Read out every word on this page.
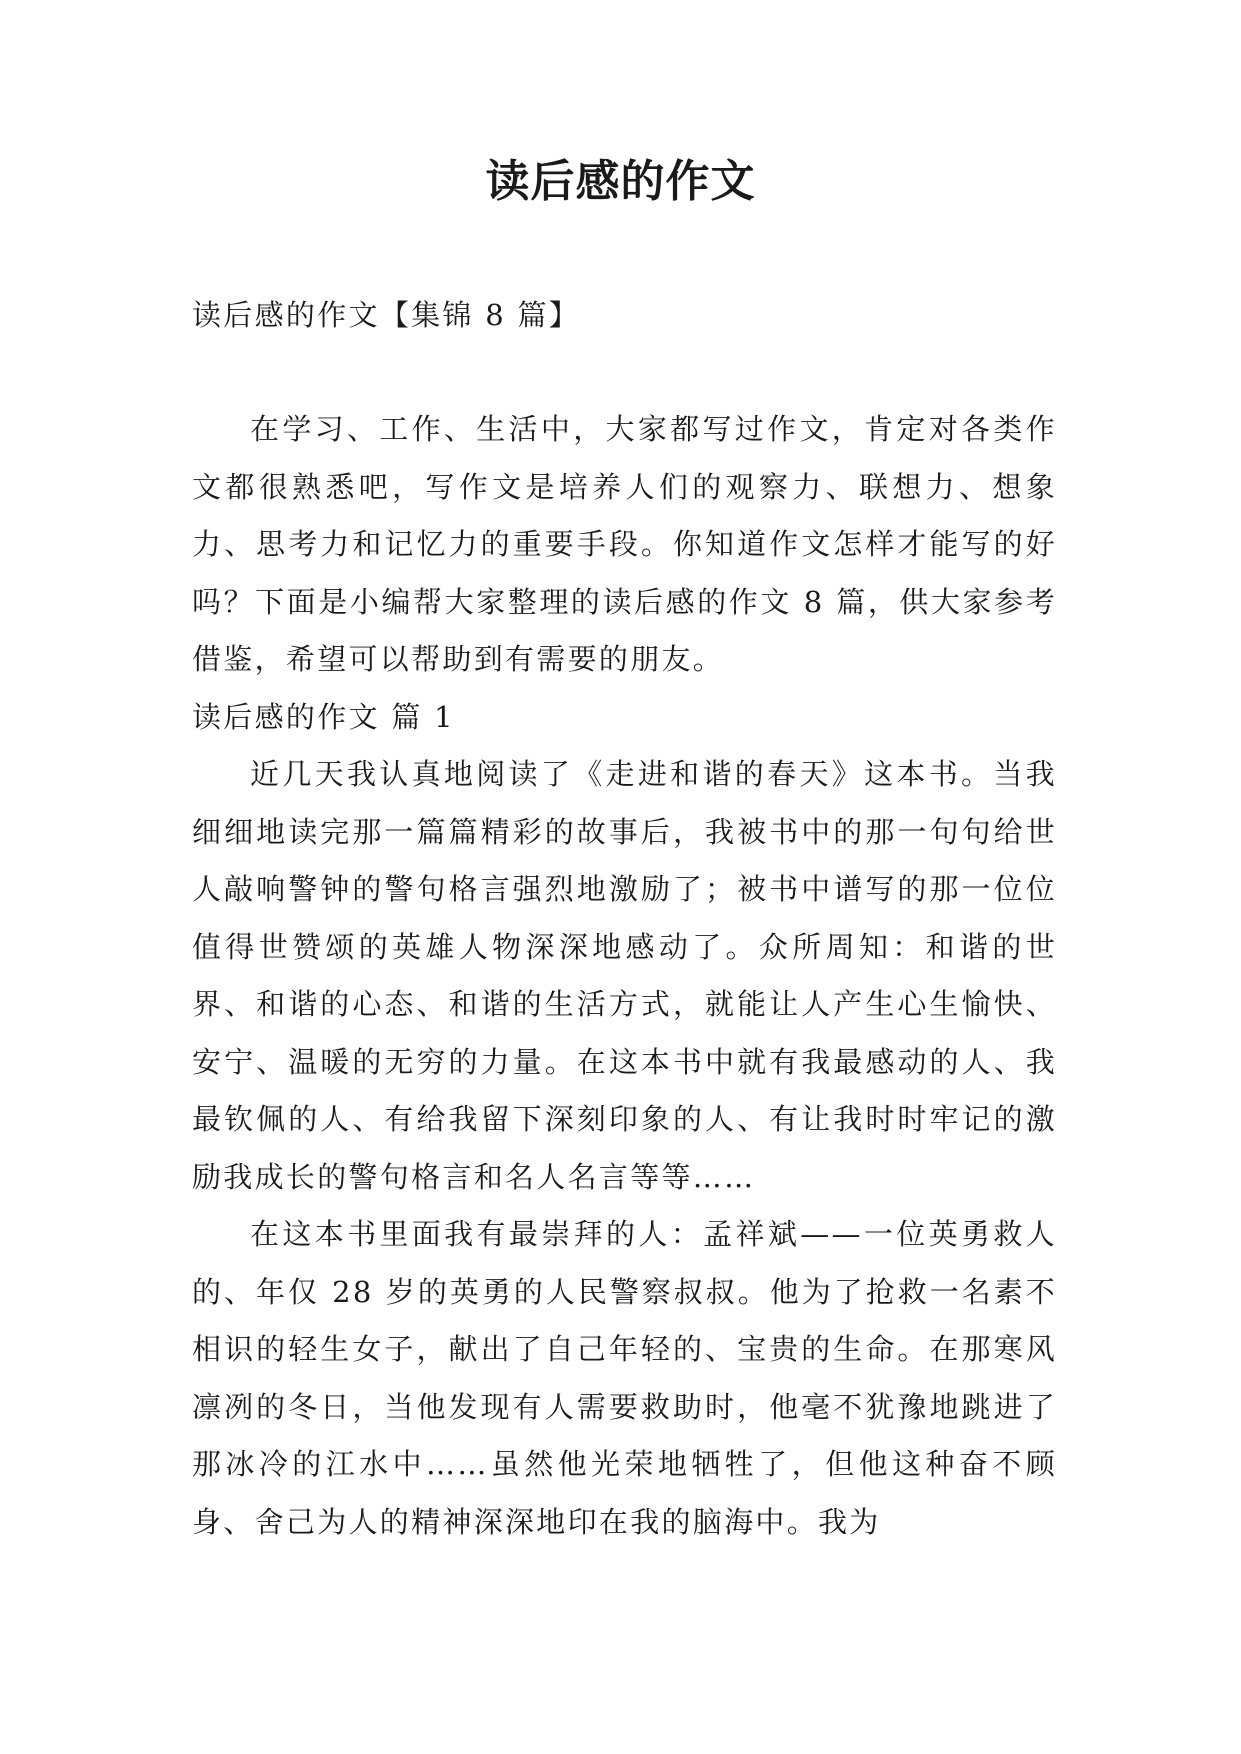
读后感的作文

读后感的作文【集锦 8 篇】

在学习、工作、生活中，大家都写过作文，肯定对各类作文都很熟悉吧，写作文是培养人们的观察力、联想力、想象力、思考力和记忆力的重要手段。你知道作文怎样才能写的好吗？下面是小编帮大家整理的读后感的作文 8 篇，供大家参考借鉴，希望可以帮助到有需要的朋友。

读后感的作文 篇 1

近几天我认真地阅读了《走进和谐的春天》这本书。当我细细地读完那一篇篇精彩的故事后，我被书中的那一句句给世人敲响警钟的警句格言强烈地激励了；被书中谱写的那一位位值得世赞颂的英雄人物深深地感动了。众所周知：和谐的世界、和谐的心态、和谐的生活方式，就能让人产生心生愉快、安宁、温暖的无穷的力量。在这本书中就有我最感动的人、我最钦佩的人、有给我留下深刻印象的人、有让我时时牢记的激励我成长的警句格言和名人名言等等……

在这本书里面我有最崇拜的人：孟祥斌——一位英勇救人的、年仅 28 岁的英勇的人民警察叔叔。他为了抢救一名素不相识的轻生女子，献出了自己年轻的、宝贵的生命。在那寒风凛冽的冬日，当他发现有人需要救助时，他毫不犹豫地跳进了那冰冷的江水中……虽然他光荣地牺牲了，但他这种奋不顾身、舍己为人的精神深深地印在我的脑海中。我为
